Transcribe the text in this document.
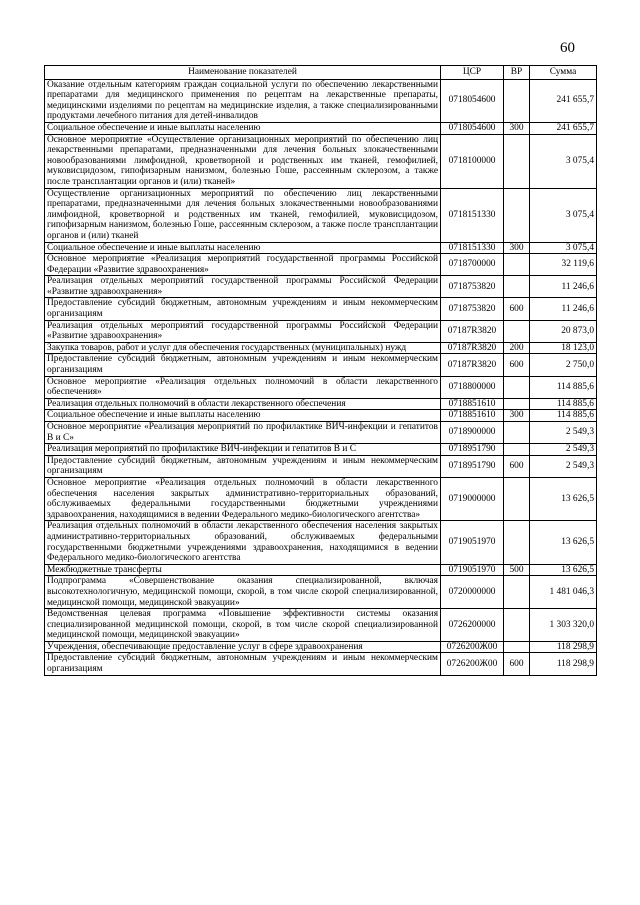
60
Наименование показателей	ЦСР	ВР	Сумма
Оказание отдельным категориям граждан социальной услуги по обеспечению лекарственными препаратами для медицинского применения по рецептам на лекарственные препараты, медицинскими изделиями по рецептам на медицинские изделия, а также специализированными продуктами лечебного питания для детей-инвалидов	0718054600		241 655,7
Социальное обеспечение и иные выплаты населению	0718054600	300	241 655,7
Основное мероприятие «Осуществление организационных мероприятий по обеспечению лиц лекарственными препаратами, предназначенными для лечения больных злокачественными новообразованиями лимфоидной, кроветворной и родственных им тканей, гемофилией, муковисцидозом, гипофизарным нанизмом, болезнью Гоше, рассеянным склерозом, а также после трансплантации органов и (или) тканей»	0718100000		3 075,4
Осуществление организационных мероприятий по обеспечению лиц лекарственными препаратами, предназначенными для лечения больных злокачественными новообразованиями лимфоидной, кроветворной и родственных им тканей, гемофилией, муковисцидозом, гипофизарным нанизмом, болезнью Гоше, рассеянным склерозом, а также после трансплантации органов и (или) тканей	0718151330		3 075,4
Социальное обеспечение и иные выплаты населению	0718151330	300	3 075,4
Основное мероприятие «Реализация мероприятий государственной программы Российской Федерации «Развитие здравоохранения»	0718700000		32 119,6
Реализация отдельных мероприятий государственной программы Российской Федерации «Развитие здравоохранения»	0718753820		11 246,6
Предоставление субсидий бюджетным, автономным учреждениям и иным некоммерческим организациям	0718753820	600	11 246,6
Реализация отдельных мероприятий государственной программы Российской Федерации «Развитие здравоохранения»	07187R3820		20 873,0
Закупка товаров, работ и услуг для обеспечения государственных (муниципальных) нужд	07187R3820	200	18 123,0
Предоставление субсидий бюджетным, автономным учреждениям и иным некоммерческим организациям	07187R3820	600	2 750,0
Основное мероприятие «Реализация отдельных полномочий в области лекарственного обеспечения»	0718800000		114 885,6
Реализация отдельных полномочий в области лекарственного обеспечения	0718851610		114 885,6
Социальное обеспечение и иные выплаты населению	0718851610	300	114 885,6
Основное мероприятие «Реализация мероприятий по профилактике ВИЧ-инфекции и гепатитов В и С»	0718900000		2 549,3
Реализация мероприятий по профилактике ВИЧ-инфекции и гепатитов В и С	0718951790		2 549,3
Предоставление субсидий бюджетным, автономным учреждениям и иным некоммерческим организациям	0718951790	600	2 549,3
Основное мероприятие «Реализация отдельных полномочий в области лекарственного обеспечения населения закрытых административно-территориальных образований, обслуживаемых федеральными государственными бюджетными учреждениями здравоохранения, находящимися в ведении Федерального медико-биологического агентства»	0719000000		13 626,5
Реализация отдельных полномочий в области лекарственного обеспечения населения закрытых административно-территориальных образований, обслуживаемых федеральными государственными бюджетными учреждениями здравоохранения, находящимися в ведении Федерального медико-биологического агентства	0719051970		13 626,5
Межбюджетные трансферты	0719051970	500	13 626,5
Подпрограмма «Совершенствование оказания специализированной, включая высокотехнологичную, медицинской помощи, скорой, в том числе скорой специализированной, медицинской помощи, медицинской эвакуации»	0720000000		1 481 046,3
Ведомственная целевая программа «Повышение эффективности системы оказания специализированной медицинской помощи, скорой, в том числе скорой специализированной медицинской помощи, медицинской эвакуации»	0726200000		1 303 320,0
Учреждения, обеспечивающие предоставление услуг в сфере здравоохранения	0726200Ж00		118 298,9
Предоставление субсидий бюджетным, автономным учреждениям и иным некоммерческим организациям	0726200Ж00	600	118 298,9
